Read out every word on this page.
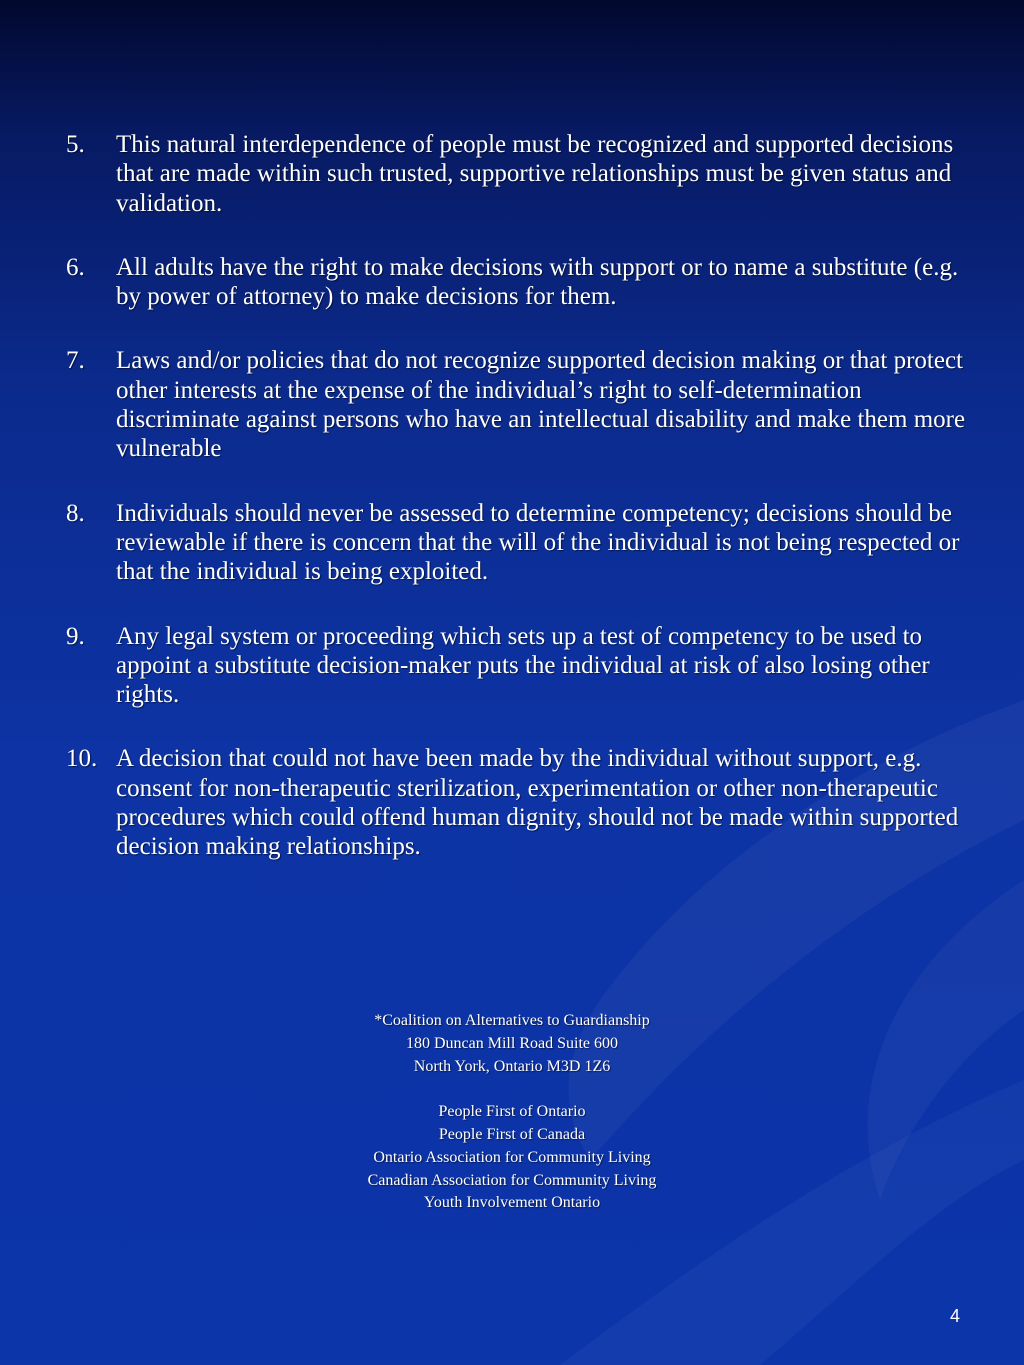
5.	This natural interdependence of people must be recognized and supported decisions that are made within such trusted, supportive relationships must be given status and validation.
6.	All adults have the right to make decisions with support or to name a substitute (e.g. by power of attorney) to make decisions for them.
7.	Laws and/or policies that do not recognize supported decision making or that protect other interests at the expense of the individual’s right to self-determination discriminate against persons who have an intellectual disability and make them more vulnerable
8.	Individuals should never be assessed to determine competency; decisions should be reviewable if there is concern that the will of the individual is not being respected or that the individual is being exploited.
9.	Any legal system or proceeding which sets up a test of competency to be used to appoint a substitute decision-maker puts the individual at risk of also losing other rights.
10. A decision that could not have been made by the individual without support, e.g. consent for non-therapeutic sterilization, experimentation or other non-therapeutic procedures which could offend human dignity, should not be made within supported decision making relationships.
*Coalition on Alternatives to Guardianship
180 Duncan Mill Road Suite 600
North York, Ontario M3D 1Z6
People First of Ontario
People First of Canada
Ontario Association for Community Living
Canadian Association for Community Living
Youth Involvement Ontario
4
